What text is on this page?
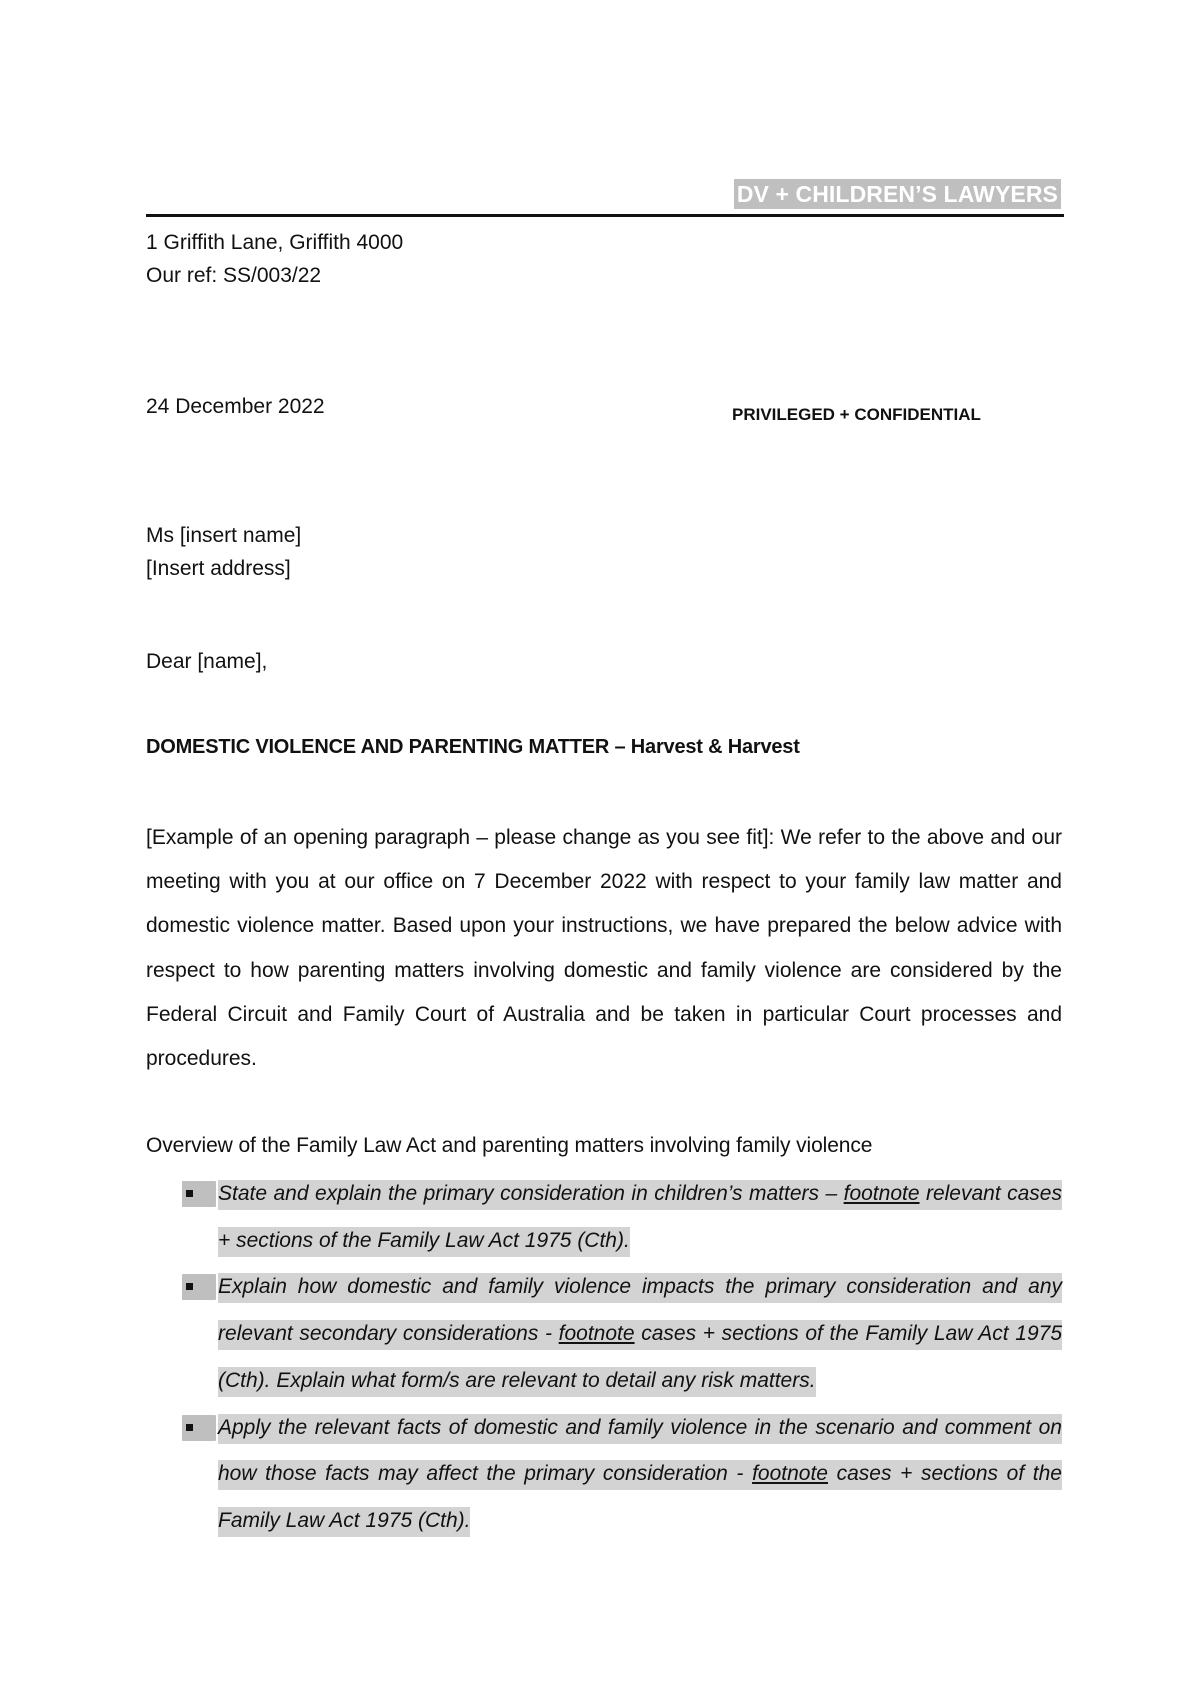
DV + CHILDREN’S LAWYERS
1 Griffith Lane, Griffith 4000
Our ref: SS/003/22
24 December 2022	PRIVILEGED + CONFIDENTIAL
Ms [insert name]
[Insert address]
Dear [name],
DOMESTIC VIOLENCE AND PARENTING MATTER – Harvest & Harvest

[Example of an opening paragraph – please change as you see fit]: We refer to the above and our meeting with you at our office on 7 December 2022 with respect to your family law matter and domestic violence matter. Based upon your instructions, we have prepared the below advice with respect to how parenting matters involving domestic and family violence are considered by the Federal Circuit and Family Court of Australia and be taken in particular Court processes and procedures.

Overview of the Family Law Act and parenting matters involving family violence
State and explain the primary consideration in children’s matters – footnote relevant cases + sections of the Family Law Act 1975 (Cth).
Explain how domestic and family violence impacts the primary consideration and any relevant secondary considerations - footnote cases + sections of the Family Law Act 1975 (Cth). Explain what form/s are relevant to detail any risk matters.
Apply the relevant facts of domestic and family violence in the scenario and comment on how those facts may affect the primary consideration - footnote cases + sections of the Family Law Act 1975 (Cth).
